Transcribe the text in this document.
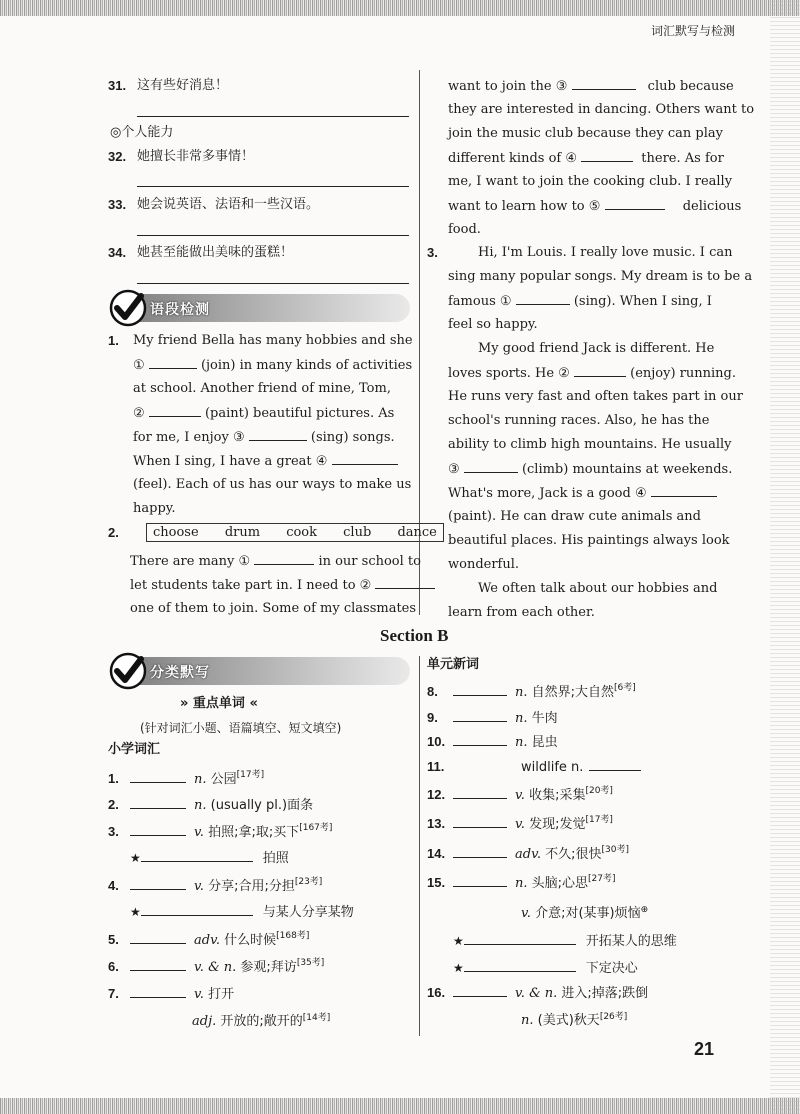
词汇默写与检测
31. 这有些好消息！
◎个人能力
32. 她擅长非常多事情！
33. 她会说英语、法语和一些汉语。
34. 她甚至能做出美味的蛋糕！
语段检测
1. My friend Bella has many hobbies and she
①	(join) in many kinds of activities
at school. Another friend of mine, Tom,
②	(paint) beautiful pictures. As
for me, I enjoy ③	(sing) songs.
When I sing, I have a great ④
(feel). Each of us has our ways to make us
happy.
2.	choose drum cook club dance
There are many ①	in our school to
let students take part in. I need to ②
one of them to join. Some of my classmates
want to join the ③	club because
they are interested in dancing. Others want to
join the music club because they can play
different kinds of ④	there. As for
me, I want to join the cooking club. I really
want to learn how to ⑤	delicious
food.
3.	Hi, I'm Louis. I really love music. I can
sing many popular songs. My dream is to be a
famous ①	(sing). When I sing, I
feel so happy.
My good friend Jack is different. He
loves sports. He ②	(enjoy) running.
He runs very fast and often takes part in our
school's running races. Also, he has the
ability to climb high mountains. He usually
③	(climb) mountains at weekends.
What's more, Jack is a good ④
(paint). He can draw cute animals and
beautiful places. His paintings always look
wonderful.
We often talk about our hobbies and
learn from each other.
Section B
分类默写
» 重点单词 «
(针对词汇小题、语篇填空、短文填空)
小学词汇
1.	n. 公园[17考]
2.	n. (usually pl.)面条
3.	v. 拍照;拿;取;买下[167考]
★	拍照
4.	v. 分享;合用;分担[23考]
★	与某人分享某物
5.	adv. 什么时候[168考]
6.	v. & n. 参观;拜访[35考]
7.	v. 打开
adj. 开放的;敞开的[14考]
单元新词
8.	n. 自然界;大自然[6考]
9.	n. 牛肉
10.	n. 昆虫
11.	wildlife n.
12.	v. 收集;采集[20考]
13.	v. 发现;发觉[17考]
14.	adv. 不久;很快[30考]
15.	n. 头脑;心思[27考]
v. 介意;对(某事)烦恼⊕
★	开拓某人的思维
★	下定决心
16.	v. & n. 进入;掉落;跌倒
n. (美式)秋天[26考]
21
